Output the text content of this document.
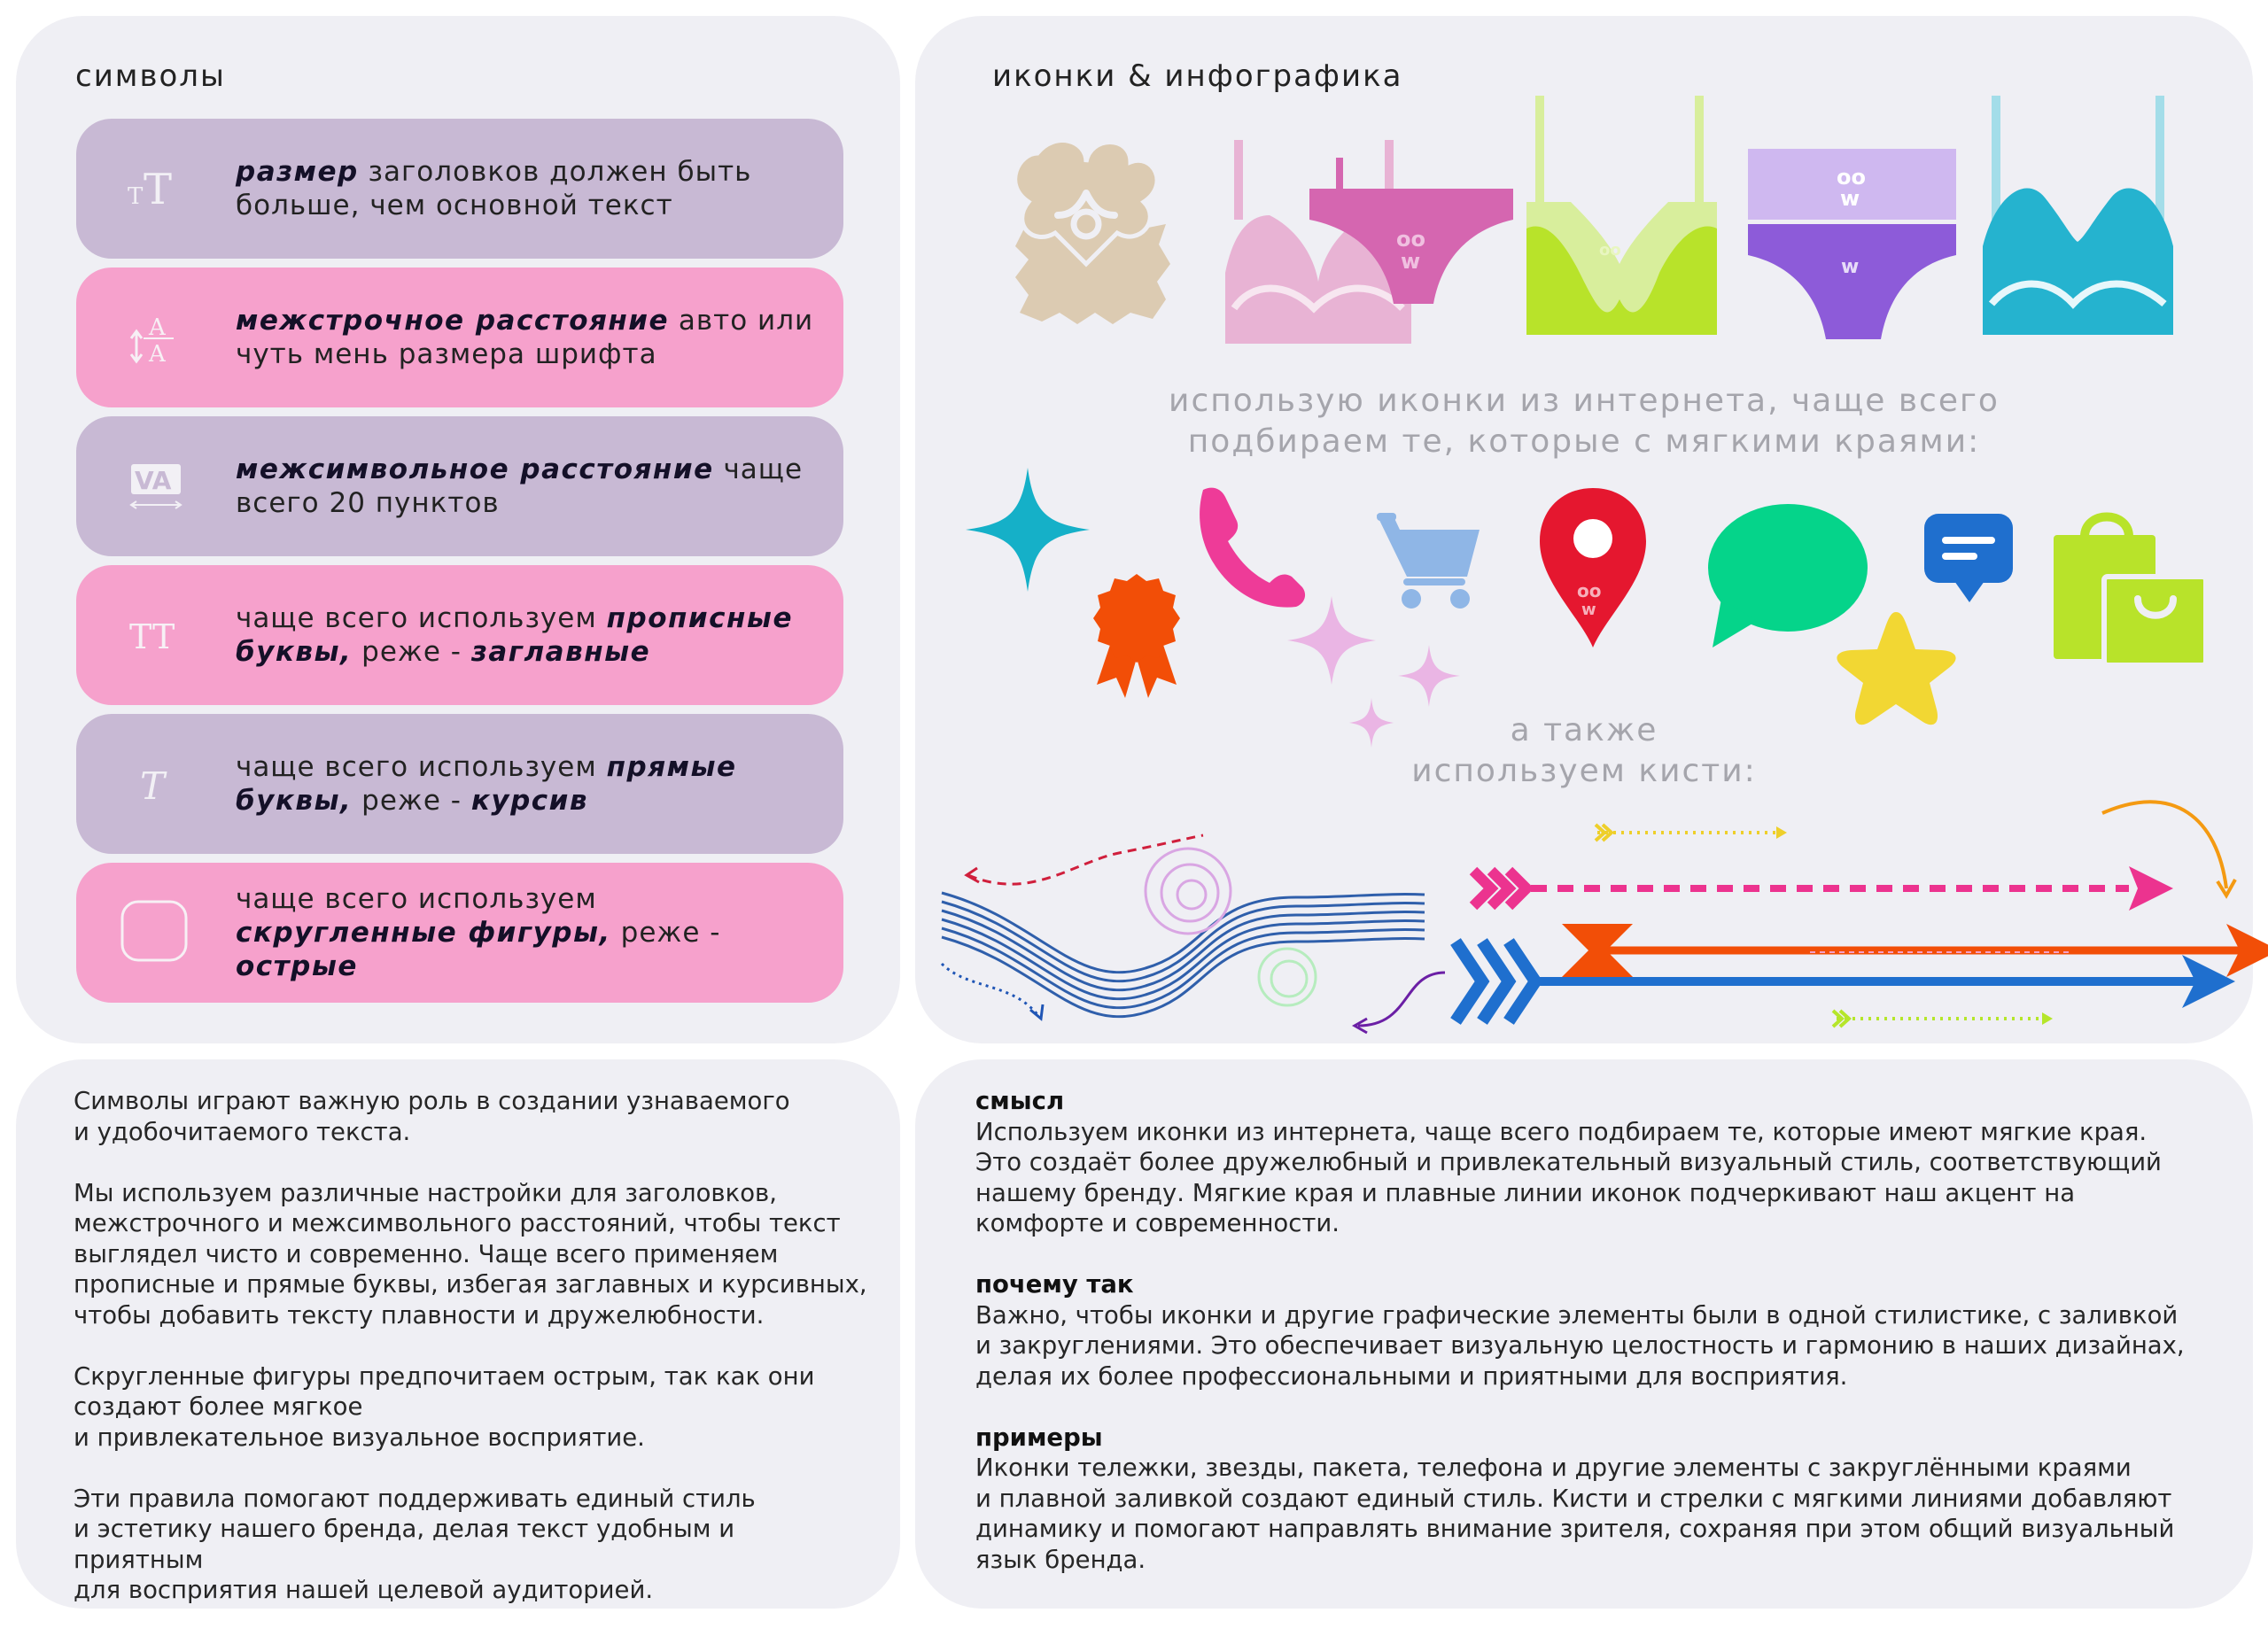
символы
T T размер заголовков должен быть больше, чем основной текст
A
A
межстрочное расстояние авто или чуть мень размера шрифта
VA межсимвольное расстояние чаще всего 20 пунктов
TT чаще всего используем прописные буквы, реже - заглавные
T	чаще всего используем прямые буквы, реже - курсив
чаще всего используем скругленные фигуры, реже - острые
иконки & инфографика
oo
w	oo
oo
w
w
использую иконки из интернета, чаще всего
подбираем те, которые с мягкими краями:
oo
w
а также
используем кисти:

Символы играют важную роль в создании узнаваемого
и удобочитаемого текста.

Мы используем различные настройки для заголовков,
межстрочного и межсимвольного расстояний, чтобы текст
выглядел чисто и современно. Чаще всего применяем
прописные и прямые буквы, избегая заглавных и курсивных,
чтобы добавить тексту плавности и дружелюбности.

Скругленные фигуры предпочитаем острым, так как они
создают более мягкое
и привлекательное визуальное восприятие.

Эти правила помогают поддерживать единый стиль
и эстетику нашего бренда, делая текст удобным и приятным
для восприятия нашей целевой аудиторией.

смысл
Используем иконки из интернета, чаще всего подбираем те, которые имеют мягкие края.
Это создаёт более дружелюбный и привлекательный визуальный стиль, соответствующий
нашему бренду. Мягкие края и плавные линии иконок подчеркивают наш акцент на
комфорте и современности.
почему так
Важно, чтобы иконки и другие графические элементы были в одной стилистике, с заливкой
и закруглениями. Это обеспечивает визуальную целостность и гармонию в наших дизайнах,
делая их более профессиональными и приятными для восприятия.
примеры
Иконки тележки, звезды, пакета, телефона и другие элементы с закруглёнными краями
и плавной заливкой создают единый стиль. Кисти и стрелки с мягкими линиями добавляют
динамику и помогают направлять внимание зрителя, сохраняя при этом общий визуальный
язык бренда.
